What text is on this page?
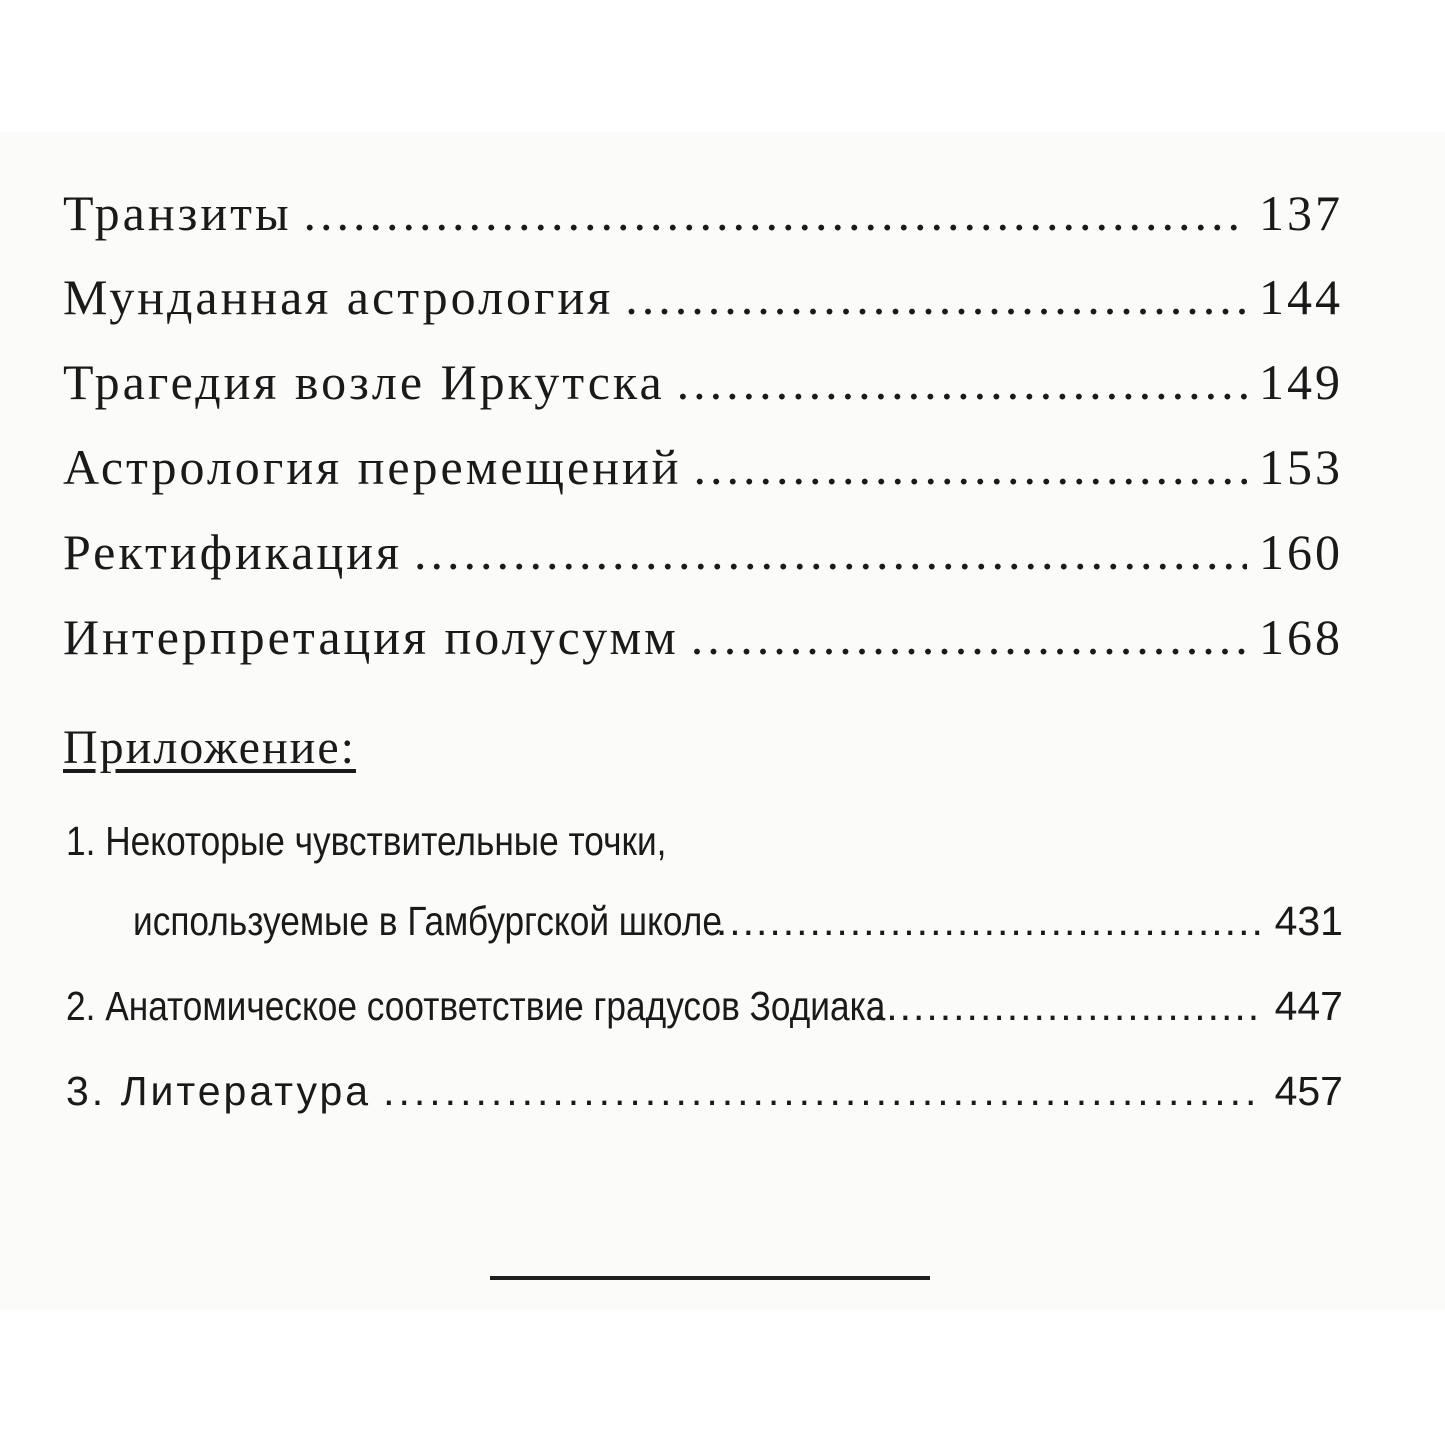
Транзиты .....	137
Мунданная астрология .....	144
Трагедия возле Иркутска .....	149
Астрология перемещений .....	153
Ректификация .....	160
Интерпретация полусумм .....	168
Приложение:
1. Некоторые чувствительные точки,
используемые в Гамбургской школе .....	431
2. Анатомическое соответствие градусов Зодиака .....	447
3. Литература .....	457
